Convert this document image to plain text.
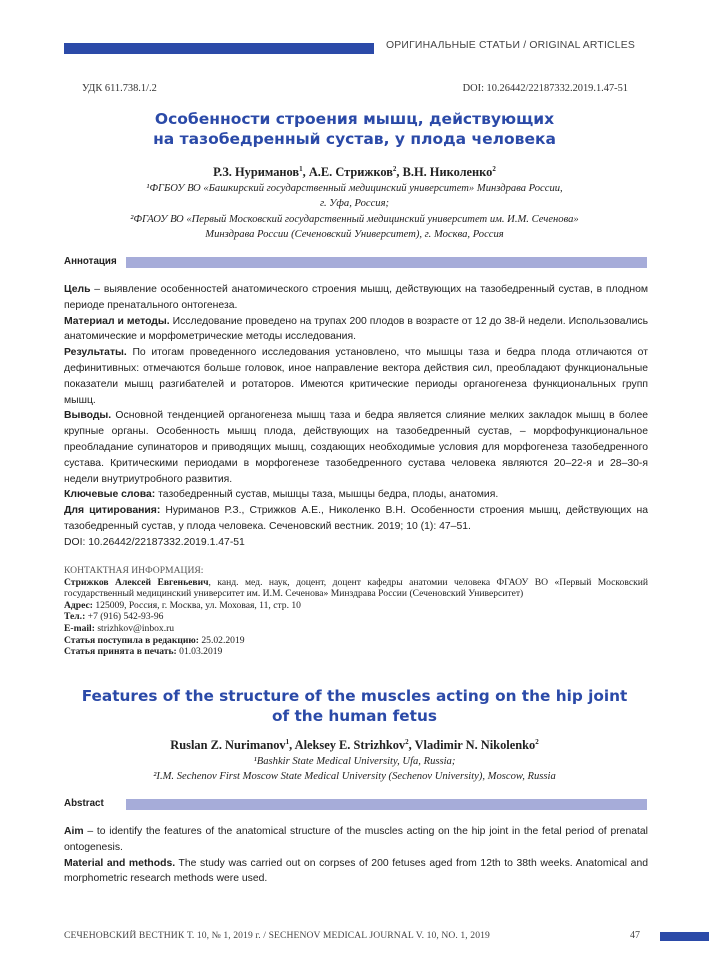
ОРИГИНАЛЬНЫЕ СТАТЬИ / ORIGINAL ARTICLES
УДК 611.738.1/.2	DOI: 10.26442/22187332.2019.1.47-51
Особенности строения мышц, действующих
на тазобедренный сустав, у плода человека
Р.З. Нуриманов$^1$, А.Е. Стрижков$^2$, В.Н. Николенко$^2$
¹ФГБОУ ВО «Башкирский государственный медицинский университет» Минздрава России,
г. Уфа, Россия;
²ФГАОУ ВО «Первый Московский государственный медицинский университет им. И.М. Сеченова»
Минздрава России (Сеченовский Университет), г. Москва, Россия
Аннотация
Цель – выявление особенностей анатомического строения мышц, действующих на тазобедренный сустав, в плодном периоде пренатального онтогенеза.
Материал и методы. Исследование проведено на трупах 200 плодов в возрасте от 12 до 38-й недели. Использовались анатомические и морфометрические методы исследования.
Результаты. По итогам проведенного исследования установлено, что мышцы таза и бедра плода отличаются от дефинитивных: отмечаются больше головок, иное направление вектора действия сил, преобладают функциональные показатели мышц разгибателей и ротаторов. Имеются критические периоды органогенеза функциональных групп мышц.
Выводы. Основной тенденцией органогенеза мышц таза и бедра является слияние мелких закладок мышц в более крупные органы. Особенность мышц плода, действующих на тазобедренный сустав, – морфофункциональное преобладание супинаторов и приводящих мышц, создающих необходимые условия для морфогенеза тазобедренного сустава. Критическими периодами в морфогенезе тазобедренного сустава человека являются 20–22-я и 28–30-я недели внутриутробного развития.
Ключевые слова: тазобедренный сустав, мышцы таза, мышцы бедра, плоды, анатомия.
Для цитирования: Нуриманов Р.З., Стрижков А.Е., Николенко В.Н. Особенности строения мышц, действующих на тазобедренный сустав, у плода человека. Сеченовский вестник. 2019; 10 (1): 47–51.
DOI: 10.26442/22187332.2019.1.47-51
КОНТАКТНАЯ ИНФОРМАЦИЯ:
Стрижков Алексей Евгеньевич, канд. мед. наук, доцент, доцент кафедры анатомии человека ФГАОУ ВО «Первый Московский государственный медицинский университет им. И.М. Сеченова» Минздрава России (Сеченовский Университет)
Адрес: 125009, Россия, г. Москва, ул. Моховая, 11, стр. 10
Тел.: +7 (916) 542-93-96
E-mail: strizhkov@inbox.ru
Статья поступила в редакцию: 25.02.2019
Статья принята в печать: 01.03.2019
Features of the structure of the muscles acting on the hip joint
of the human fetus
Ruslan Z. Nurimanov$^1$, Aleksey E. Strizhkov$^2$, Vladimir N. Nikolenko$^2$
¹Bashkir State Medical University, Ufa, Russia;
²I.M. Sechenov First Moscow State Medical University (Sechenov University), Moscow, Russia
Abstract
Aim – to identify the features of the anatomical structure of the muscles acting on the hip joint in the fetal period of prenatal ontogenesis.
Material and methods. The study was carried out on corpses of 200 fetuses aged from 12th to 38th weeks. Anatomical and morphometric research methods were used.
СЕЧЕНОВСКИЙ ВЕСТНИК Т. 10, № 1, 2019 г. / SECHENOV MEDICAL JOURNAL V. 10, NO. 1, 2019	47
